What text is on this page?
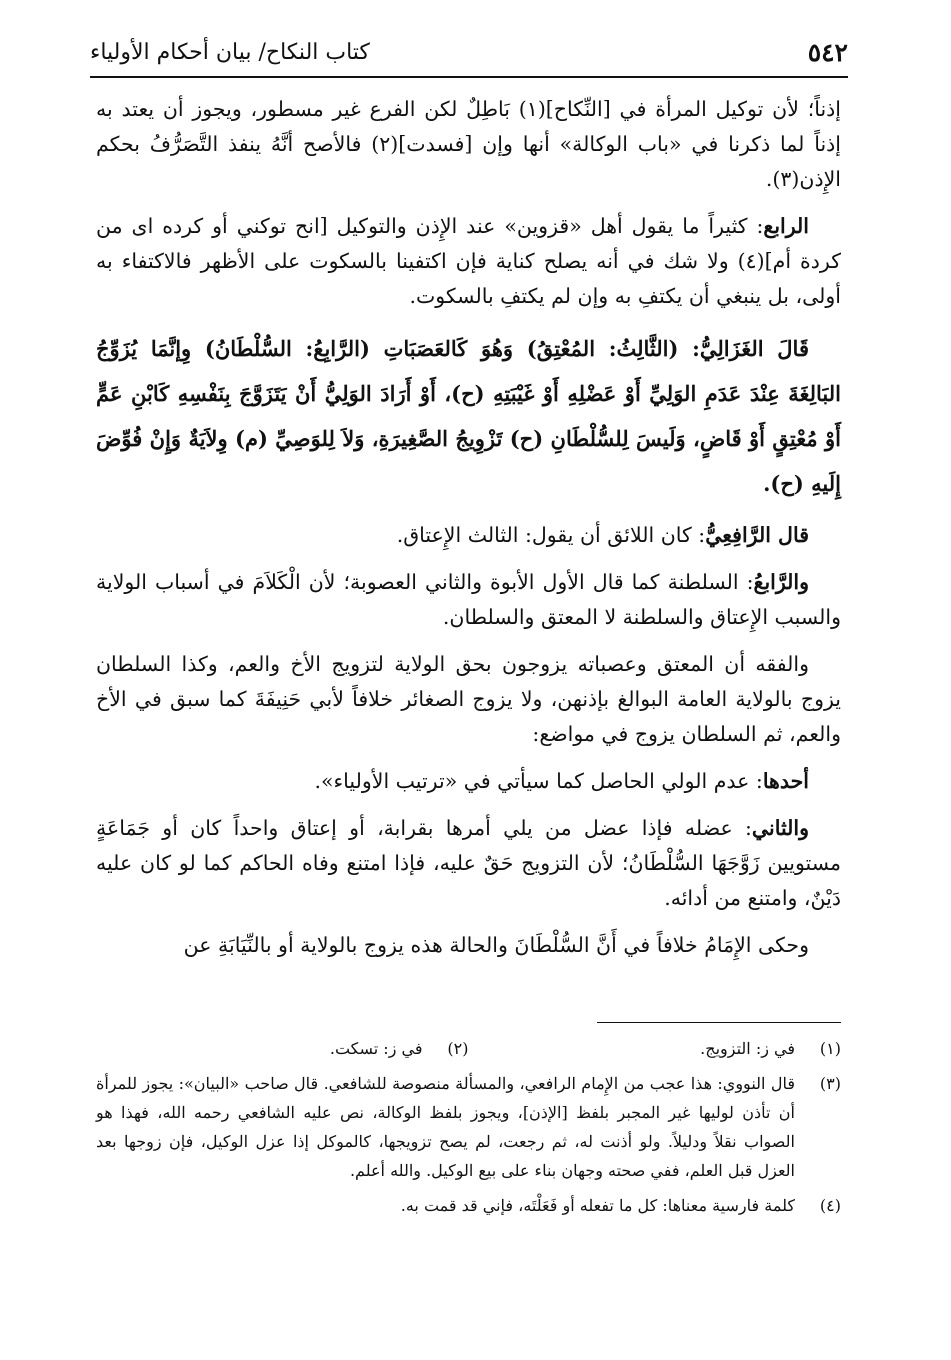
٥٤٢
كتاب النكاح/ بيان أحكام الأولياء

إذناً؛ لأن توكيل المرأة في [النِّكاح](١) بَاطِلٌ لكن الفرع غير مسطور، ويجوز أن يعتد به إذناً لما ذكرنا في «باب الوكالة» أنها وإن [فسدت](٢) فالأصح أنَّهُ ينفذ التَّصَرُّفُ بحكم الإِذن(٣).

الرابع: كثيراً ما يقول أهل «قزوين» عند الإِذن والتوكيل [انح توكني أو كرده اى من كردة أم](٤) ولا شك في أنه يصلح كناية فإن اكتفينا بالسكوت على الأظهر فالاكتفاء به أولى، بل ينبغي أن يكتفِ به وإن لم يكتفِ بالسكوت.

قَالَ الغَزَالِيُّ: (الثَّالِثُ: المُعْتِقُ) وَهُوَ كَالعَصَبَاتِ (الرَّابِعُ: السُّلْطَانُ) وِإنَّمَا يُزَوِّجُ البَالِغَةَ عِنْدَ عَدَمِ الوَلِيِّ أَوْ عَضْلِهِ أَوْ غَيْبَتِهِ (ح)، أَوْ أَرَادَ الوَلِيُّ أَنْ يَتَزَوَّجَ بِنَفْسِهِ كَابْنِ عَمٍّ أَوْ مُعْتِقٍ أَوْ قَاضٍ، وَلَيسَ لِلسُّلْطَانِ (ح) تَزْوِيجُ الصَّغِيرَةِ، وَلاَ لِلوَصِيِّ (م) وِلاَيَةٌ وَإِنْ فُوِّضَ إِلَيهِ (ح).

قال الرَّافِعِيُّ: كان اللائق أن يقول: الثالث الإِعتاق.

والرَّابعُ: السلطنة كما قال الأول الأبوة والثاني العصوبة؛ لأن الْكَلاَمَ في أسباب الولاية والسبب الإِعتاق والسلطنة لا المعتق والسلطان.

والفقه أن المعتق وعصباته يزوجون بحق الولاية لتزويج الأخ والعم، وكذا السلطان يزوج بالولاية العامة البوالغ بإذنهن، ولا يزوج الصغائر خلافاً لأبي حَنِيفَةَ كما سبق في الأخ والعم، ثم السلطان يزوج في مواضع:

أحدها: عدم الولي الحاصل كما سيأتي في «ترتيب الأولياء».

والثاني: عضله فإذا عضل من يلي أمرها بقرابة، أو إعتاق واحداً كان أو جَمَاعَةٍ مستويين زَوَّجَهَا السُّلْطَانُ؛ لأن التزويج حَقٌ عليه، فإذا امتنع وفاه الحاكم كما لو كان عليه دَيْنٌ، وامتنع من أدائه.

وحكى الإِمَامُ خلافاً في أَنَّ السُّلْطَانَ والحالة هذه يزوج بالولاية أو بالنِّيَابَةِ عن

(١)
في ز: التزويج.
(٢)
في ز: تسكت.
(٣)
قال النووي: هذا عجب من الإِمام الرافعي، والمسألة منصوصة للشافعي. قال صاحب «البيان»: يجوز للمرأة أن تأذن لوليها غير المجبر بلفظ [الإذن]، ويجوز بلفظ الوكالة، نص عليه الشافعي رحمه الله، فهذا هو الصواب نقلاً ودليلاً. ولو أذنت له، ثم رجعت، لم يصح تزويجها، كالموكل إذا عزل الوكيل، فإن زوجها بعد العزل قبل العلم، ففي صحته وجهان بناء على بيع الوكيل. والله أعلم.
(٤)
كلمة فارسية معناها: كل ما تفعله أو فَعَلْتَه، فإني قد قمت به.
